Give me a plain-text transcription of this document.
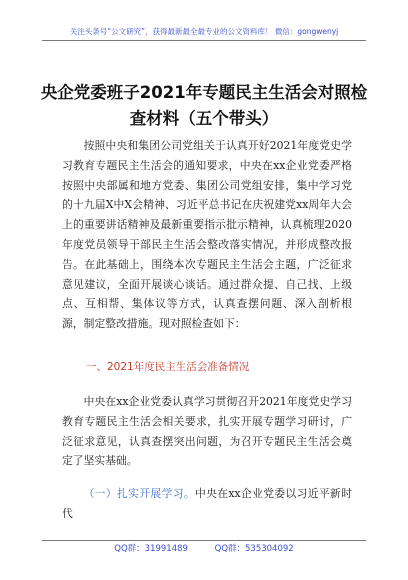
关注头条号“公文研究”，获得最新最全最专业的公文资料库！ 微信：gongwenyj
央企党委班子2021年专题民主生活会对照检查材料（五个带头）
按照中央和集团公司党组关于认真开好2021年度党史学习教育专题民主生活会的通知要求，中央在xx企业党委严格按照中央部属和地方党委、集团公司党组安排，集中学习党的十九届X中X会精神、习近平总书记在庆祝建党xx周年大会上的重要讲话精神及最新重要指示批示精神，认真梳理2020年度党员领导干部民主生活会整改落实情况，并形成整改报告。在此基础上，围绕本次专题民主生活会主题，广泛征求意见建议，全面开展谈心谈话。通过群众提、自己找、上级点、互相帮、集体议等方式，认真查摆问题、深入剖析根源，制定整改措施。现对照检查如下：
一、2021年度民主生活会准备情况
中央在xx企业党委认真学习贯彻召开2021年度党史学习教育专题民主生活会相关要求，扎实开展专题学习研讨，广泛征求意见，认真查摆突出问题，为召开专题民主生活会奠定了坚实基础。
（一）扎实开展学习。中央在xx企业党委以习近平新时代
QQ群：31991489	QQ群：535304092
